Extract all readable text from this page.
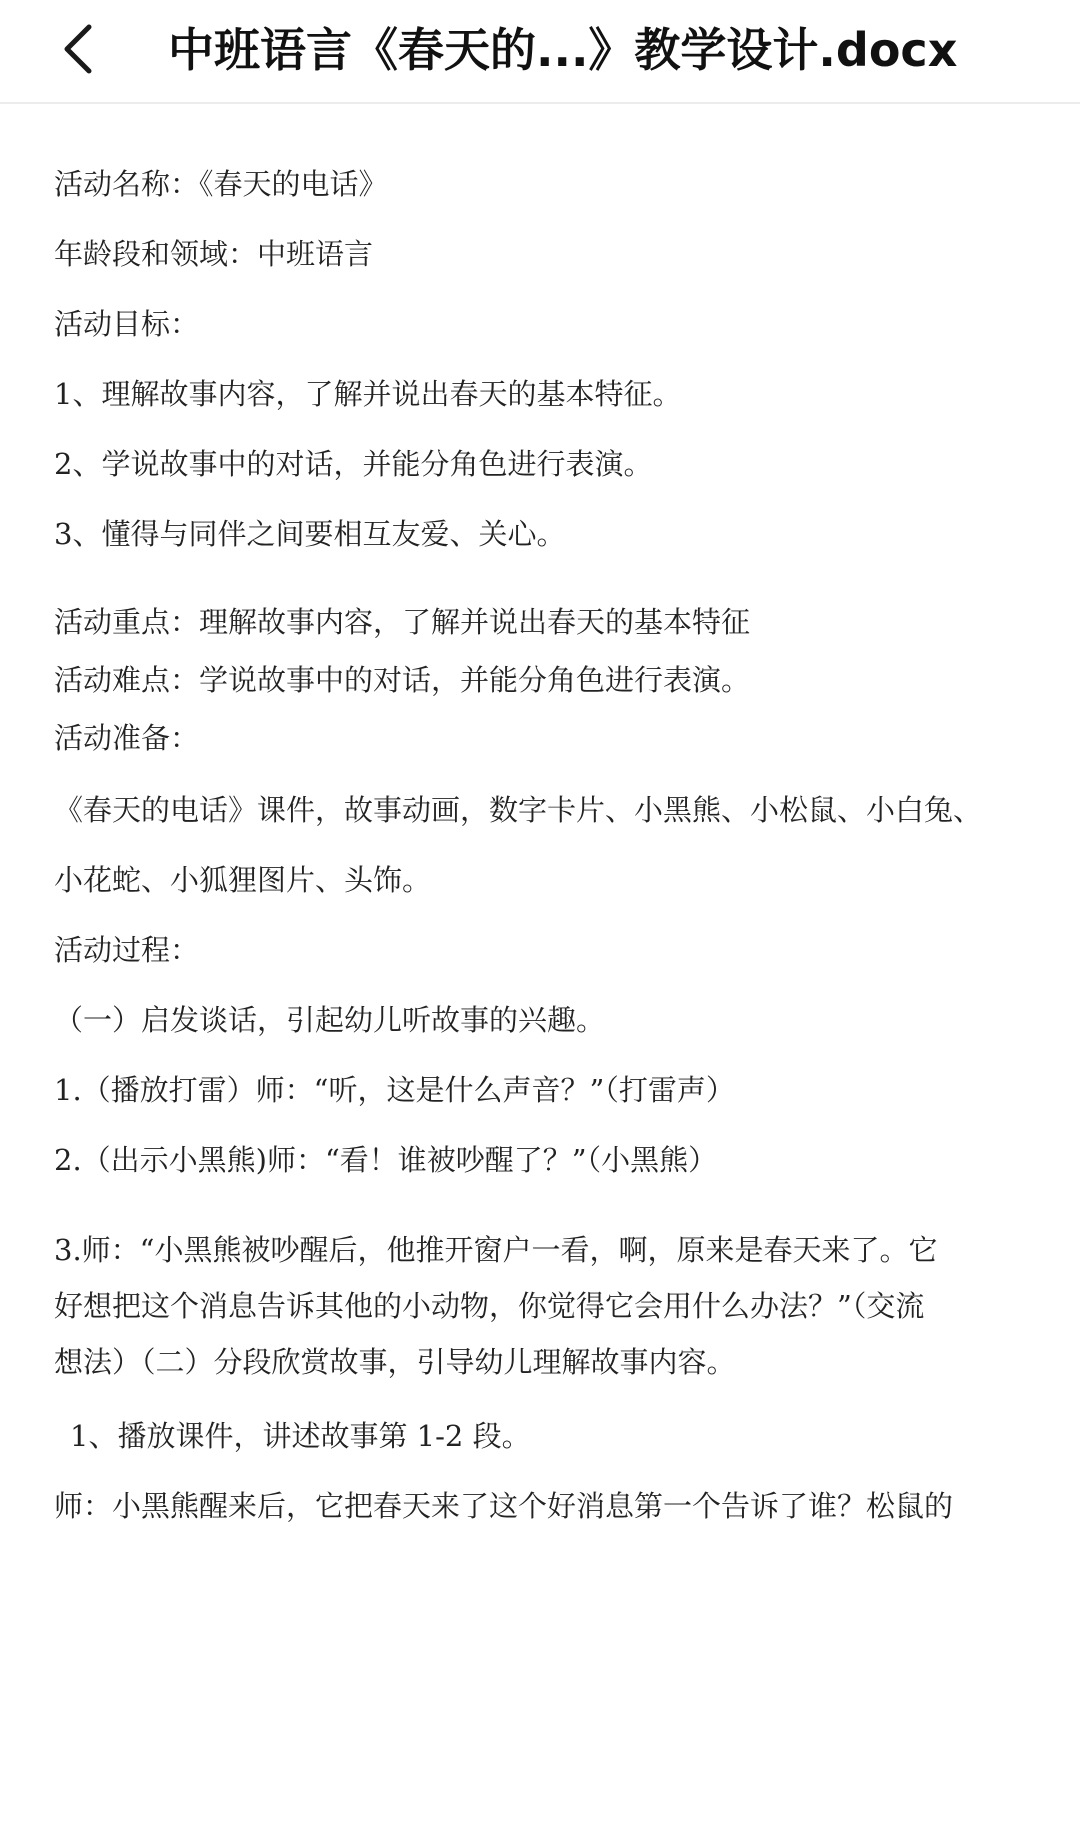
中班语言《春天的...》教学设计.docx
活动名称：《春天的电话》
年龄段和领域：中班语言
活动目标：
1、理解故事内容，了解并说出春天的基本特征。
2、学说故事中的对话，并能分角色进行表演。
3、懂得与同伴之间要相互友爱、关心。
活动重点：理解故事内容，了解并说出春天的基本特征
活动难点：学说故事中的对话，并能分角色进行表演。
活动准备：
《春天的电话》课件，故事动画，数字卡片、小黑熊、小松鼠、小白兔、
小花蛇、小狐狸图片、头饰。
活动过程：
（一）启发谈话，引起幼儿听故事的兴趣。
1.（播放打雷）师：“听，这是什么声音？”（打雷声）
2.（出示小黑熊)师：“看！谁被吵醒了？”（小黑熊）
3.师：“小黑熊被吵醒后，他推开窗户一看，啊，原来是春天来了。它
好想把这个消息告诉其他的小动物，你觉得它会用什么办法？”（交流
想法）（二）分段欣赏故事，引导幼儿理解故事内容。
1、播放课件，讲述故事第 1-2 段。
师：小黑熊醒来后，它把春天来了这个好消息第一个告诉了谁？松鼠的
